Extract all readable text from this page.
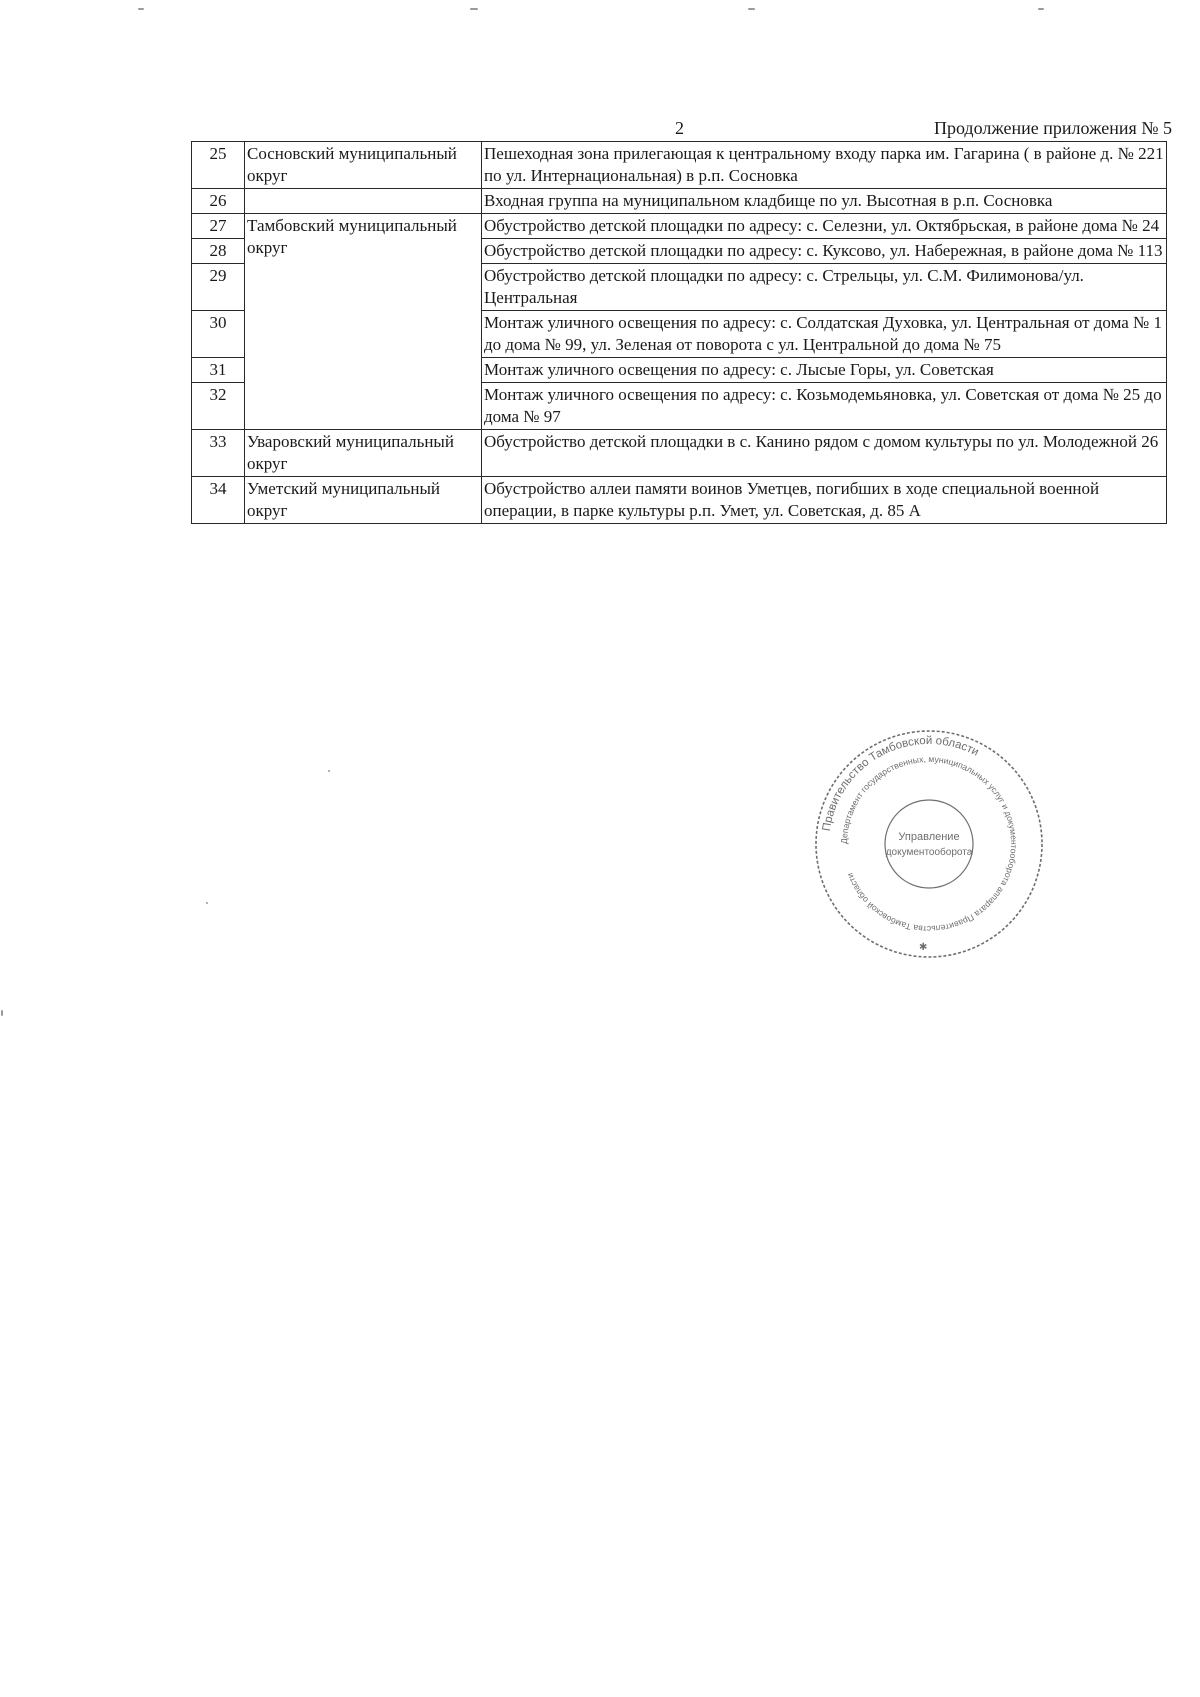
2	Продолжение приложения № 5
25	Сосновский муниципальный округ	Пешеходная зона прилегающая к центральному входу парка им. Гагарина ( в районе д. № 221 по ул. Интернациональная) в р.п. Сосновка
26		Входная группа на муниципальном кладбище по ул. Высотная в р.п. Сосновка
27	Тамбовский муниципальный округ	Обустройство детской площадки по адресу: с. Селезни, ул. Октябрьская, в районе дома № 24
28		Обустройство детской площадки по адресу: с. Куксово, ул. Набережная, в районе дома № 113
29		Обустройство детской площадки по адресу: с. Стрельцы, ул. С.М. Филимонова/ул. Центральная
30		Монтаж уличного освещения по адресу: с. Солдатская Духовка, ул. Центральная от дома № 1 до дома № 99, ул. Зеленая от поворота с ул. Центральной до дома № 75
31		Монтаж уличного освещения по адресу: с. Лысые Горы, ул. Советская
32		Монтаж уличного освещения по адресу: с. Козьмодемьяновка, ул. Советская от дома № 25 до дома № 97
33	Уваровский муниципальный округ	Обустройство детской площадки в с. Канино рядом с домом культуры по ул. Молодежной 26
34	Уметский муниципальный округ	Обустройство аллеи памяти воинов Уметцев, погибших в ходе специальной военной операции, в парке культуры р.п. Умет, ул. Советская, д. 85 А
Правительство Тамбовской области
Департамент государственных, муниципальных услуг и документооборота аппарата Правительства Тамбовской области
Управление
документооборота
✱
